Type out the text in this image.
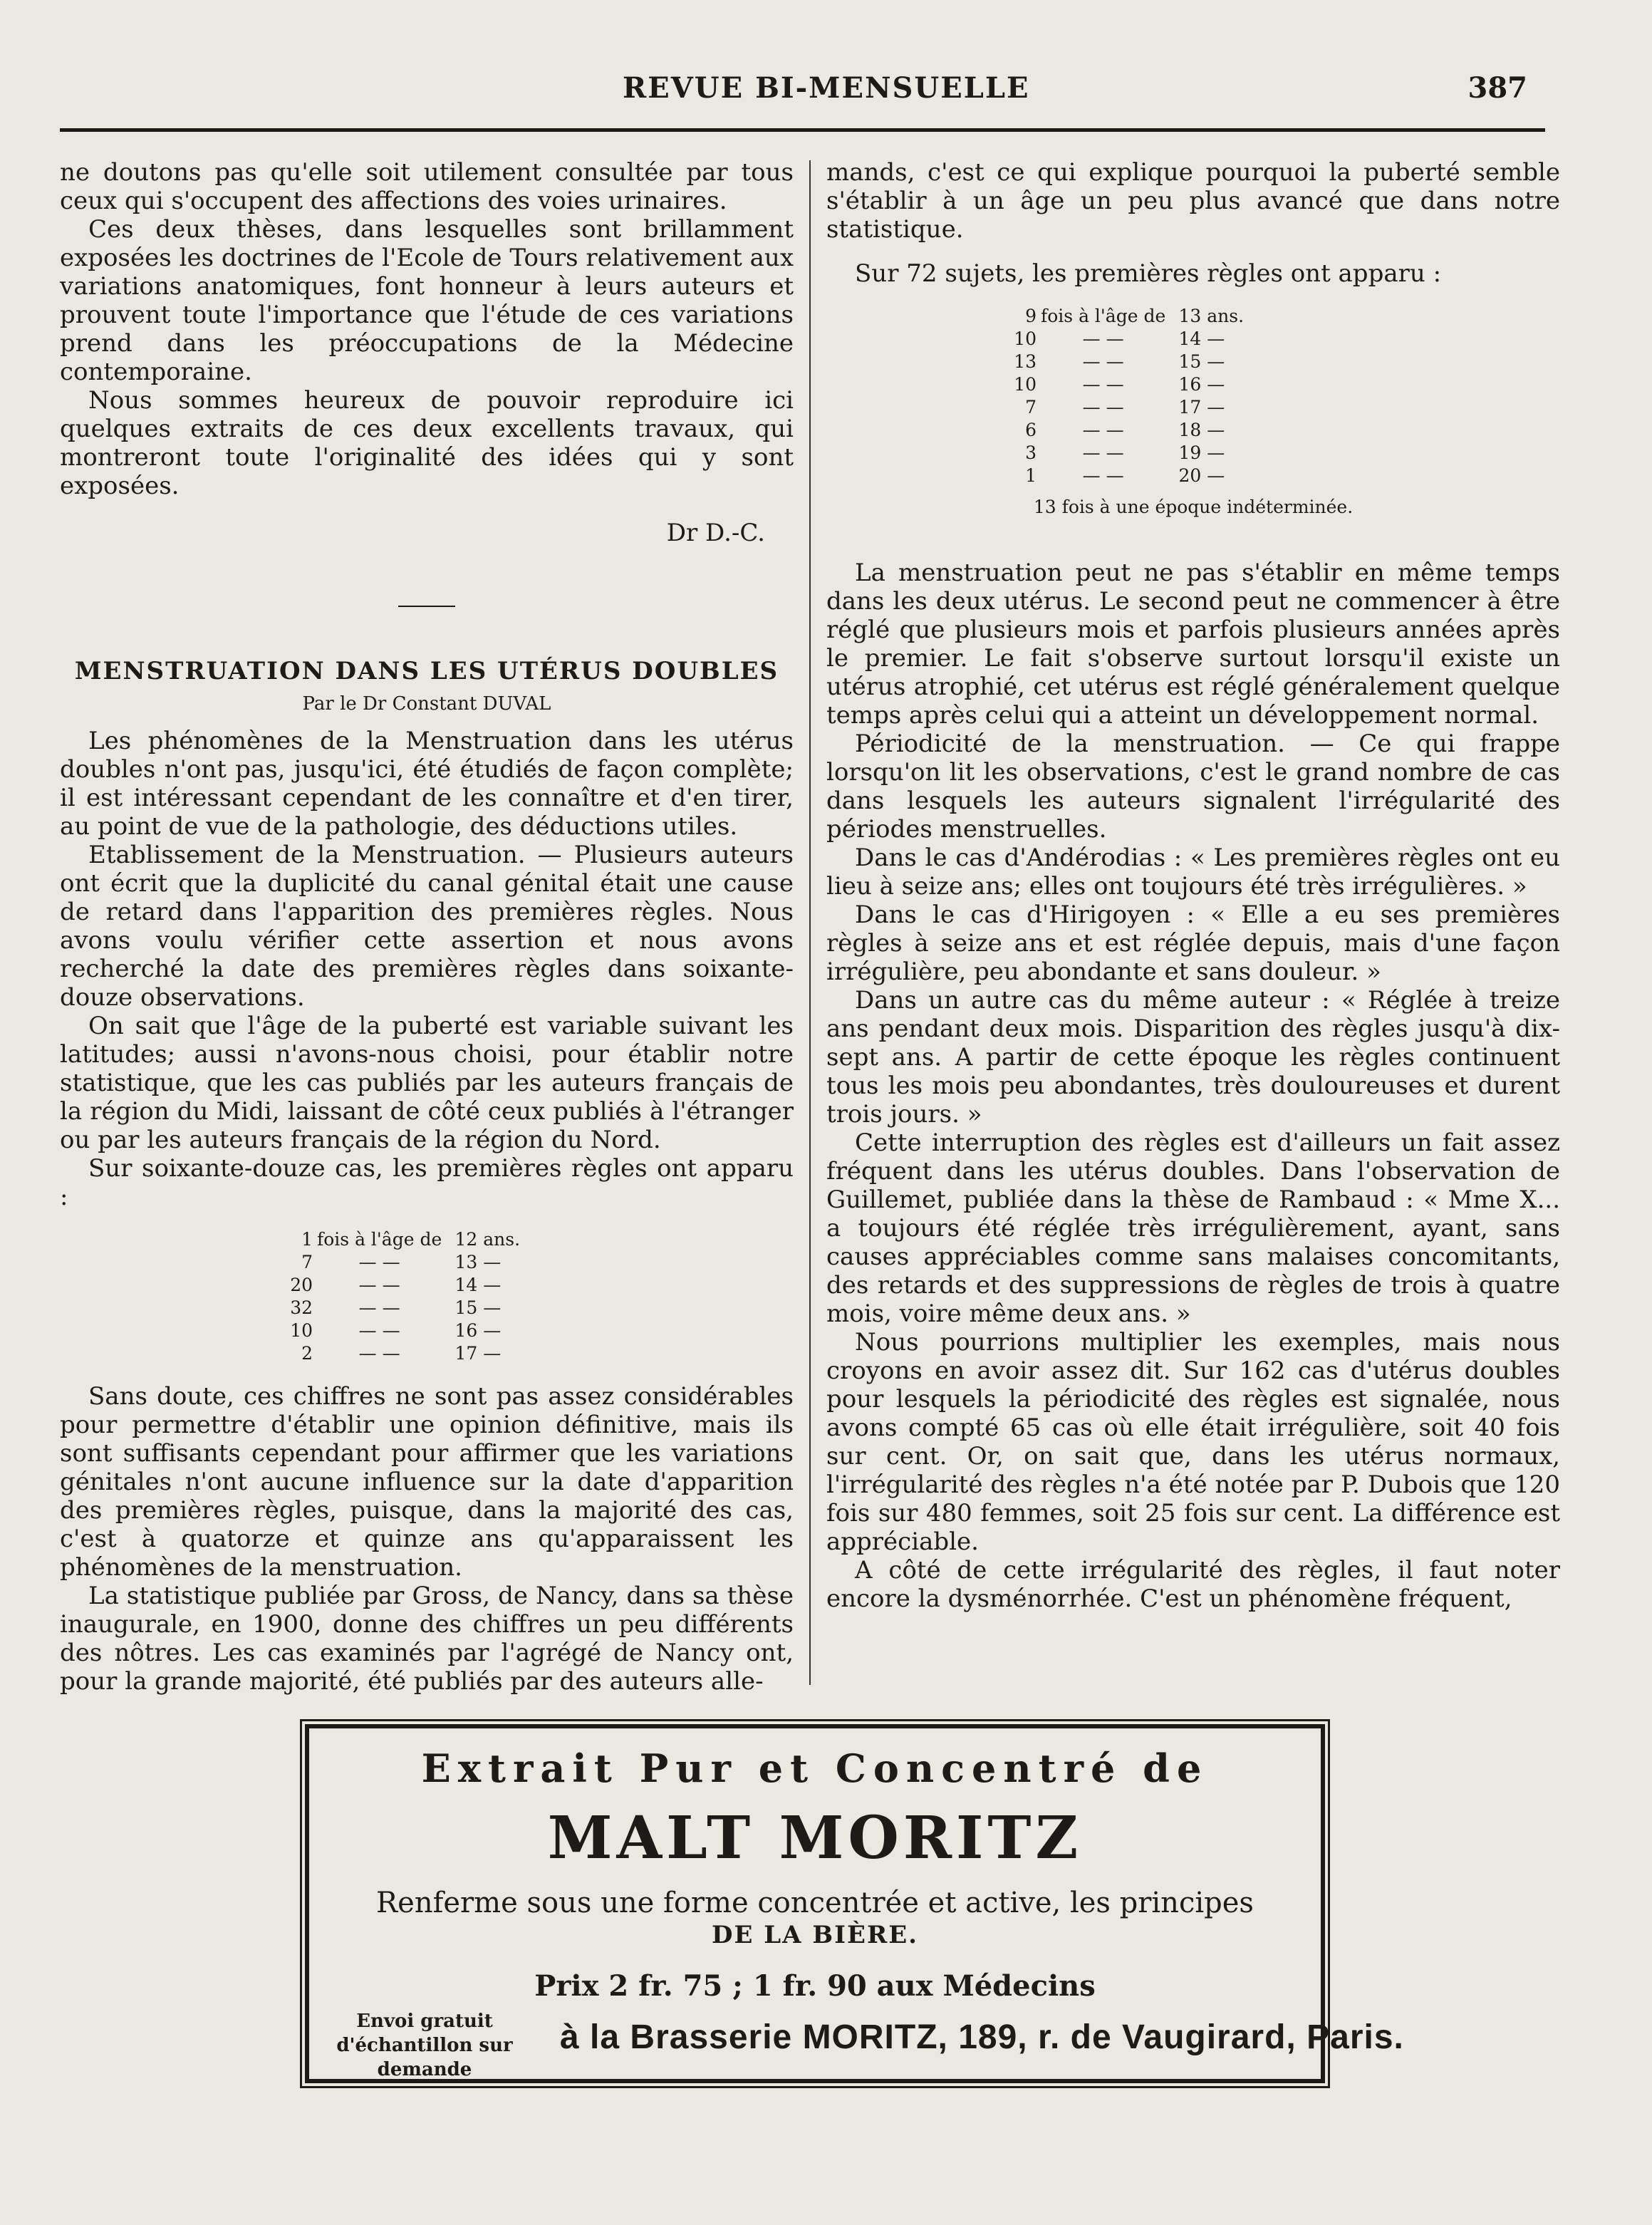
REVUE BI-MENSUELLE	387

ne doutons pas qu'elle soit utilement consultée par tous ceux qui s'occupent des affections des voies urinaires.

Ces deux thèses, dans lesquelles sont brillamment exposées les doctrines de l'Ecole de Tours relativement aux variations anatomiques, font honneur à leurs auteurs et prouvent toute l'importance que l'étude de ces variations prend dans les préoccupations de la Médecine contemporaine.

Nous sommes heureux de pouvoir reproduire ici quelques extraits de ces deux excellents travaux, qui montreront toute l'originalité des idées qui y sont exposées.

Dr D.-C.
MENSTRUATION DANS LES UTÉRUS DOUBLES
Par le Dr Constant DUVAL

Les phénomènes de la Menstruation dans les utérus doubles n'ont pas, jusqu'ici, été étudiés de façon complète; il est intéressant cependant de les connaître et d'en tirer, au point de vue de la pathologie, des déductions utiles.

Etablissement de la Menstruation. — Plusieurs auteurs ont écrit que la duplicité du canal génital était une cause de retard dans l'apparition des premières règles. Nous avons voulu vérifier cette assertion et nous avons recherché la date des premières règles dans soixante-douze observations.

On sait que l'âge de la puberté est variable suivant les latitudes; aussi n'avons-nous choisi, pour établir notre statistique, que les cas publiés par les auteurs français de la région du Midi, laissant de côté ceux publiés à l'étranger ou par les auteurs français de la région du Nord.

Sur soixante-douze cas, les premières règles ont apparu :

1	fois à l'âge de	12	ans.
7	— —	13	—
20	— —	14	—
32	— —	15	—
10	— —	16	—
2	— —	17	—

Sans doute, ces chiffres ne sont pas assez considérables pour permettre d'établir une opinion définitive, mais ils sont suffisants cependant pour affirmer que les variations génitales n'ont aucune influence sur la date d'apparition des premières règles, puisque, dans la majorité des cas, c'est à quatorze et quinze ans qu'apparaissent les phénomènes de la menstruation.

La statistique publiée par Gross, de Nancy, dans sa thèse inaugurale, en 1900, donne des chiffres un peu différents des nôtres. Les cas examinés par l'agrégé de Nancy ont, pour la grande majorité, été publiés par des auteurs alle-

mands, c'est ce qui explique pourquoi la puberté semble s'établir à un âge un peu plus avancé que dans notre statistique.

Sur 72 sujets, les premières règles ont apparu :

9	fois à l'âge de	13	ans.
10	— —	14	—
13	— —	15	—
10	— —	16	—
7	— —	17	—
6	— —	18	—
3	— —	19	—
1	— —	20	—
13 fois à une époque indéterminée.

La menstruation peut ne pas s'établir en même temps dans les deux utérus. Le second peut ne commencer à être réglé que plusieurs mois et parfois plusieurs années après le premier. Le fait s'observe surtout lorsqu'il existe un utérus atrophié, cet utérus est réglé généralement quelque temps après celui qui a atteint un développement normal.

Périodicité de la menstruation. — Ce qui frappe lorsqu'on lit les observations, c'est le grand nombre de cas dans lesquels les auteurs signalent l'irrégularité des périodes menstruelles.

Dans le cas d'Andérodias : « Les premières règles ont eu lieu à seize ans; elles ont toujours été très irrégulières. »

Dans le cas d'Hirigoyen : « Elle a eu ses premières règles à seize ans et est réglée depuis, mais d'une façon irrégulière, peu abondante et sans douleur. »

Dans un autre cas du même auteur : « Réglée à treize ans pendant deux mois. Disparition des règles jusqu'à dix-sept ans. A partir de cette époque les règles continuent tous les mois peu abondantes, très douloureuses et durent trois jours. »

Cette interruption des règles est d'ailleurs un fait assez fréquent dans les utérus doubles. Dans l'observation de Guillemet, publiée dans la thèse de Rambaud : « Mme X... a toujours été réglée très irrégulièrement, ayant, sans causes appréciables comme sans malaises concomitants, des retards et des suppressions de règles de trois à quatre mois, voire même deux ans. »

Nous pourrions multiplier les exemples, mais nous croyons en avoir assez dit. Sur 162 cas d'utérus doubles pour lesquels la périodicité des règles est signalée, nous avons compté 65 cas où elle était irrégulière, soit 40 fois sur cent. Or, on sait que, dans les utérus normaux, l'irrégularité des règles n'a été notée par P. Dubois que 120 fois sur 480 femmes, soit 25 fois sur cent. La différence est appréciable.

A côté de cette irrégularité des règles, il faut noter encore la dysménorrhée. C'est un phénomène fréquent,

Extrait Pur et Concentré de
MALT MORITZ
Renferme sous une forme concentrée et active, les principes
DE LA BIÈRE.
Prix 2 fr. 75 ; 1 fr. 90 aux Médecins
Envoi gratuit d'échantillon sur demande
à la Brasserie MORITZ, 189, r. de Vaugirard, Paris.
